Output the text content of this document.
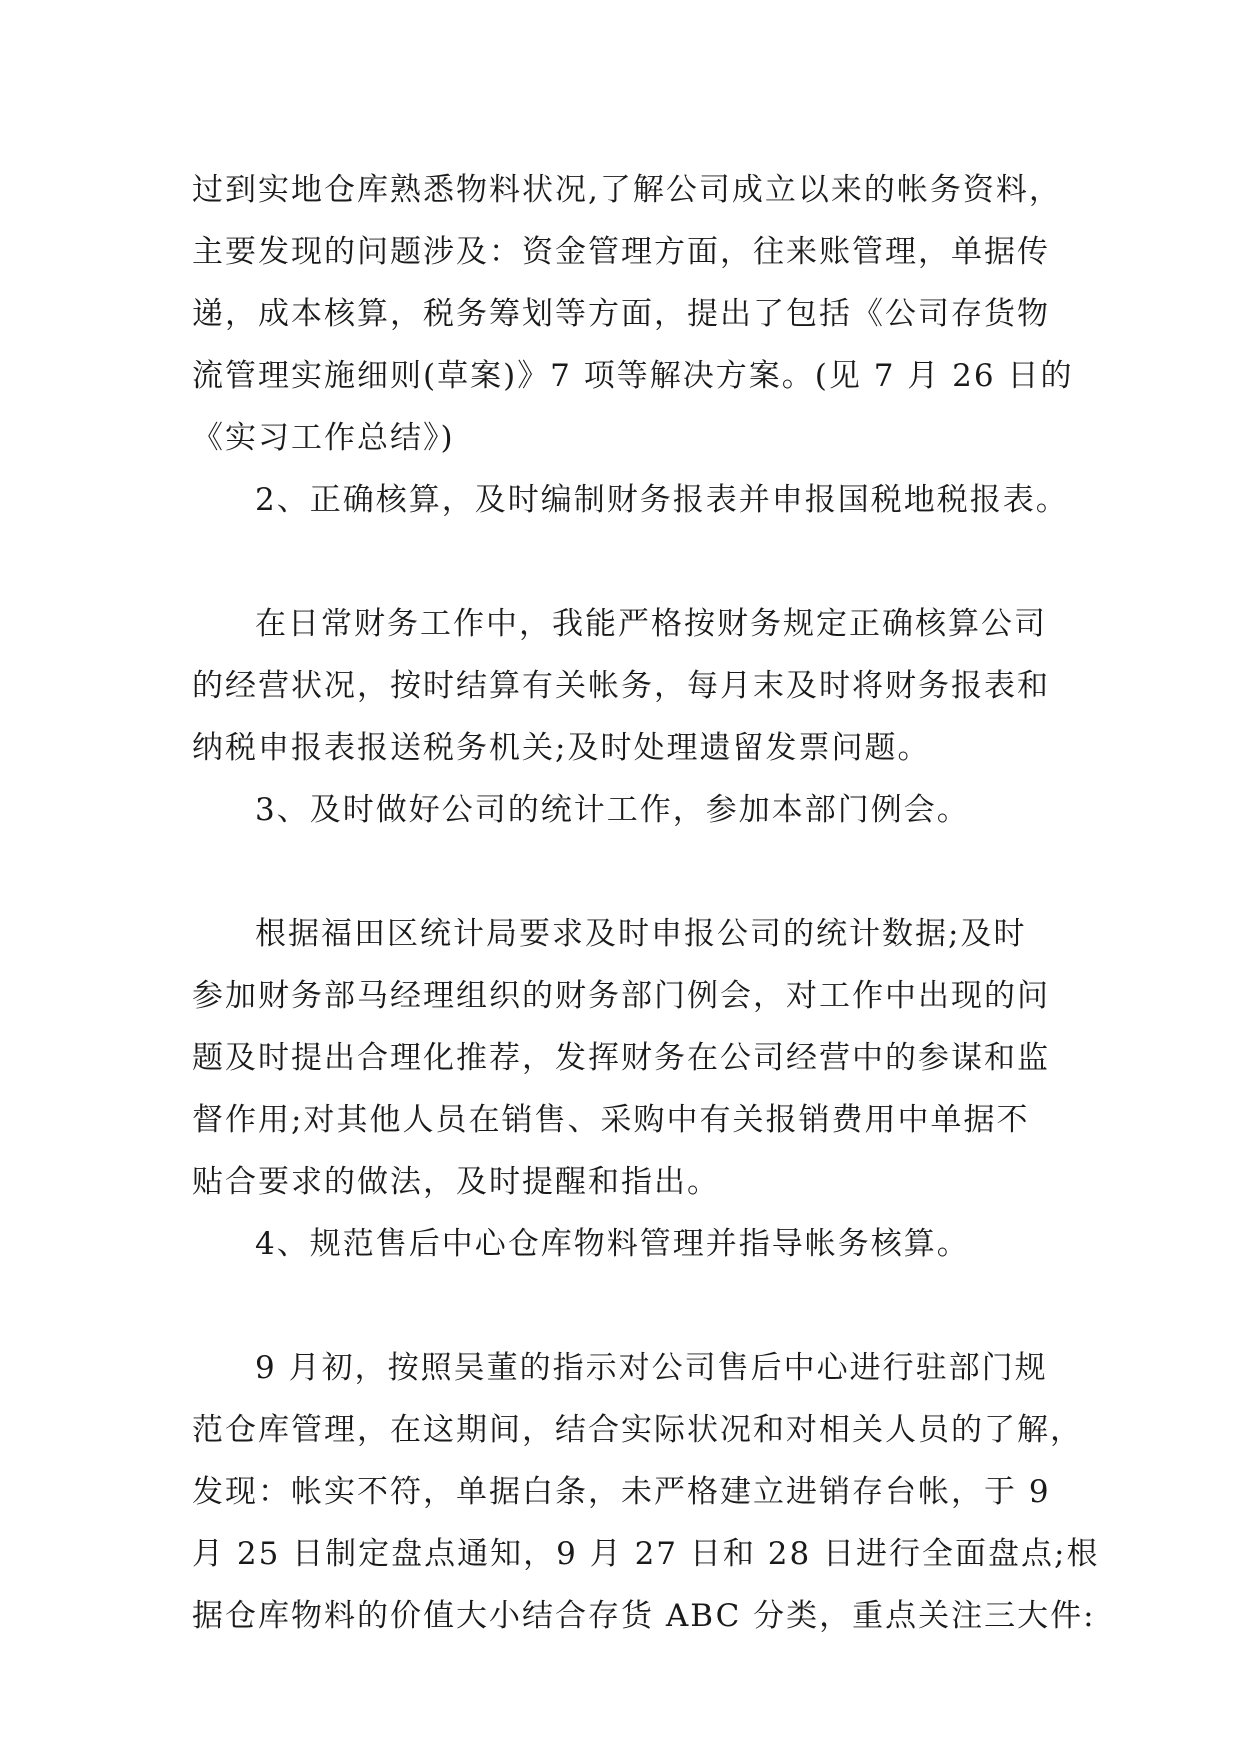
过到实地仓库熟悉物料状况,了解公司成立以来的帐务资料，
主要发现的问题涉及：资金管理方面，往来账管理，单据传
递，成本核算，税务筹划等方面，提出了包括《公司存货物
流管理实施细则(草案)》7 项等解决方案。(见 7 月 26 日的
《实习工作总结》)
2、正确核算，及时编制财务报表并申报国税地税报表。
在日常财务工作中，我能严格按财务规定正确核算公司
的经营状况，按时结算有关帐务，每月末及时将财务报表和
纳税申报表报送税务机关;及时处理遗留发票问题。
3、及时做好公司的统计工作，参加本部门例会。
根据福田区统计局要求及时申报公司的统计数据;及时
参加财务部马经理组织的财务部门例会，对工作中出现的问
题及时提出合理化推荐，发挥财务在公司经营中的参谋和监
督作用;对其他人员在销售、采购中有关报销费用中单据不
贴合要求的做法，及时提醒和指出。
4、规范售后中心仓库物料管理并指导帐务核算。
9 月初，按照吴董的指示对公司售后中心进行驻部门规
范仓库管理，在这期间，结合实际状况和对相关人员的了解，
发现：帐实不符，单据白条，未严格建立进销存台帐，于 9
月 25 日制定盘点通知，9 月 27 日和 28 日进行全面盘点;根
据仓库物料的价值大小结合存货 ABC 分类，重点关注三大件:
